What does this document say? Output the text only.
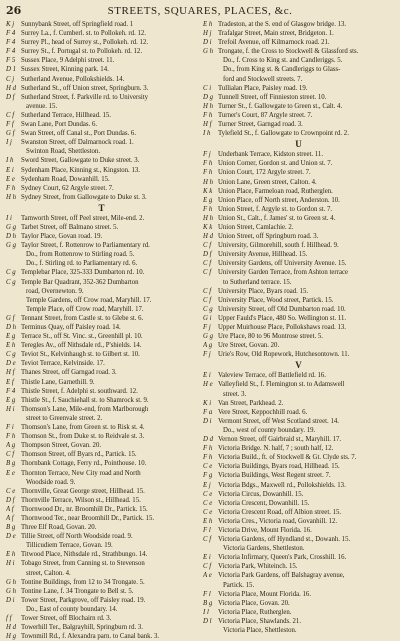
26	STREETS, SQUARES, PLACES, &c.
K j Sunnybank Street, off Springfield road. 1
F 4 Surrey La., f. Cumberl. st. to Pollokeh. rd. 12.
F 4 Surrey Pl., head of Surrey st., Pollokeh. rd. 12.
F 4 Surrey St., f. Portugal st. to Pollokeh. rd. 12.
F 5 Sussex Place, 9 Adelphi street. 11.
D 1 Sussex Street, Kinning park. 14.
C j Sutherland Avenue, Pollokshields. 14.
H d Sutherland St., off Union street, Springburn. 3.
D f Sutherland Street, f. Parkville rd. to University
avenue. 15.
C f Sutherland Terrace, Hillhead. 15.
F f Swan Lane, Port Dundas. 6.
G f Swan Street, off Canal st., Port Dundas. 6.
I j Swanston Street, off Dalmarnock road. 1.
Swinton Road, Shettleston.
I h Sword Street, Gallowgate to Duke street. 3.
E i Sydenham Place, Kinning st., Kingston. 13.
E e Sydenham Road, Dowanhill. 15.
F h Sydney Court, 62 Argyle street. 7.
H h Sydney Street, from Gallowgate to Duke st. 3.
T
I i Tamworth Street, off Peel street, Mile-end. 2.
G g Tarbet Street, off Balmano street. 5.
D h Taylor Place, Govan road. 19.
G g Taylor Street, f. Rottenrow to Parliamentary rd.
Do., from Rottenrow to Stirling road. 5.
Do., f. Stirling rd. to Parliamentary rd. 6.
C g Templebar Place, 325-333 Dumbarton rd. 10.
C g Temple Bar Quadrant, 352-362 Dumbarton
road, Overnewton. 9.
Temple Gardens, off Crow road, Maryhill. 17.
Temple Place, off Crow road, Maryhill. 17.
G f Tennant Street, from Castle st. to Glebe st. 6.
D h Terminus Quay, off Paisley road. 14.
E g Terrace St., off St. Vinc. st., Greenhill pl. 10.
E h Teregles Av., off Nithsdale rd., P'shields. 14.
C g Teviot St., Kelvinhaugh st. to Gilbert st. 10.
D e Teviot Terrace, Kelvinside. 17.
H f Thanes Street, off Garngad road. 3.
E f Thistle Lane, Garnethill. 9.
F 4 Thistle Street, f. Adelphi st. southward. 12.
E g Thistle St., f. Sauchiehall st. to Shamrock st. 9.
H i Thomson's Lane, Mile-end, from Marlborough
street to Greenvale street. 2.
F i Thomson's Lane, from Green st. to Risk st. 4.
F h Thomson St., from Duke st. to Reidvale st. 3.
A g Thompson Street, Govan. 20.
C f Thomson Street, off Byars rd., Partick. 15.
B g Thornbank Cottage, Ferry rd., Pointhouse. 10.
E e Thornton Terrace, New City road and North
Woodside road. 9.
C e Thornville, Great George street, Hillhead. 15.
D f Thornville Terrace, Wilson st., Hillhead. 15.
A f Thornwood Dr., nr. Broomhill Dr., Partick. 15.
A f Thornwood Ter., near Broomhill Dr., Partick. 15.
B g Three Elf Road, Govan. 20.
D e Tillie Street, off North Woodside road. 9.
Tillicudiem Terrace, Govan. 19.
E h Titwood Place, Nithsdale rd., Strathbungo. 14.
H i Tobago Street, from Canning st. to Stevenson
street, Calton. 4.
G h Tontine Buildings, from 12 to 34 Trongate. 5.
G h Tontine Lane, f. 34 Trongate to Bell st. 5.
D i Tower Street, Parkgrove, off Paisley road. 19.
Do., East of county boundary. 14.
f f Tower Street, off Blochairn rd. 3.
H d Towerhill Ter., Balgrayhill, Springburn rd. 3.
H g Townmill Rd., f. Alexandra parn. to Canal bank. 3.
E h Tradeston, at the S. end of Glasgow bridge. 13.
H j Trafalgar Street, Main street, Bridgeton. 1.
D i Trefoil Avenue, off Kilmarnock road. 21.
G h Trongate, f. the Cross to Stockwell & Glassford sts.
Do., f. Cross to King st. and Candleriggs. 5.
Do., from King st. & Candleriggs to Glass-
ford and Stockwell streets. 7.
C i Tullialan Place, Paisley road. 19.
D g Tunnell Street, off Finnieston street. 10.
H h Turner St., f. Gallowgate to Green st., Calt. 4.
F h Turner's Court, 87 Argyle street. 7.
H f Turner Street, Garngad road. 3.
I h Tylefield St., f. Gallowgate to Crownpoint rd. 2.
U
F j Underbank Terrace, Kidston street. 11.
F h Union Corner, Gordon st. and Union st. 7.
F h Union Court, 172 Argyle street. 7.
H h Union Lane, Green street, Calton. 4.
K k Union Place, Farmeloan road, Rutherglen.
E g Union Place, off North street, Anderston. 10.
F h Union Street, f. Argyle st. to Gordon st. 7.
H h Union St., Calt., f. James' st. to Green st. 4.
K k Union Street, Camlachie. 2.
H d Union Street, off Springburn road. 3.
C f University, Gilmorehill, south f. Hillhead. 9.
D f University Avenue, Hillhead. 15.
C f University Gardens, off University Avenue. 15.
C f University Garden Terrace, from Ashton terrace
to Sutherland terrace. 15.
C f University Place, Byars road. 15.
C f University Place, Wood street, Partick. 15.
C g University Street, off Old Dumbarton road. 10.
G i Upper Fauld's Place, 480 So. Wellington st. 11.
F j Upper Muirhouse Place, Pollokshaws road. 13.
G g Ure Place, 80 to 96 Montrose street. 5.
A g Ure Street, Govan. 20.
F j Urie's Row, Old Ropework, Hutchesontown. 11.
V
E i Valeview Terrace, off Battlefield rd. 16.
H e Valleyfield St., f. Flemington st. to Adamswell
street. 3.
K i Van Street, Parkhead. 2.
F a Vere Street, Keppochhill road. 6.
D i Vermont Street, off West Scotland street. 14.
Do., west of county boundary. 19.
D d Vernon Street, off Gairbraid st., Maryhill. 17.
F h Victoria Bridge. N. half, 7 ; south half, 12.
F h Victoria Build., ft. of Stockwell & Gt. Clyde sts. 7.
C e Victoria Buildings, Byars road, Hillhead. 15.
F g Victoria Buildings, West Regent street. 7.
E j Victoria Bdgs., Maxwell rd., Pollokshields. 13.
C e Victoria Circus, Dowanhill. 15.
C e Victoria Crescent, Dowanhill. 15.
C e Victoria Crescent Road, off Albion street. 15.
E h Victoria Cres., Victoria road, Govanhill. 12.
F l Victoria Drive, Mount Florida. 16.
C f Victoria Gardens, off Hyndland st., Dowanh. 15.
Victoria Gardens, Shettleston.
E i Victoria Infirmary, Queen's Park, Crosshill. 16.
C f Victoria Park, Whiteinch. 15.
A e Victoria Park Gardens, off Balshagray avenue,
Partick. 15.
F l Victoria Place, Mount Florida. 16.
B g Victoria Place, Govan. 20.
I l Victoria Place, Rutherglen.
D l Victoria Place, Shawlands. 21.
Victoria Place, Shettleston.
